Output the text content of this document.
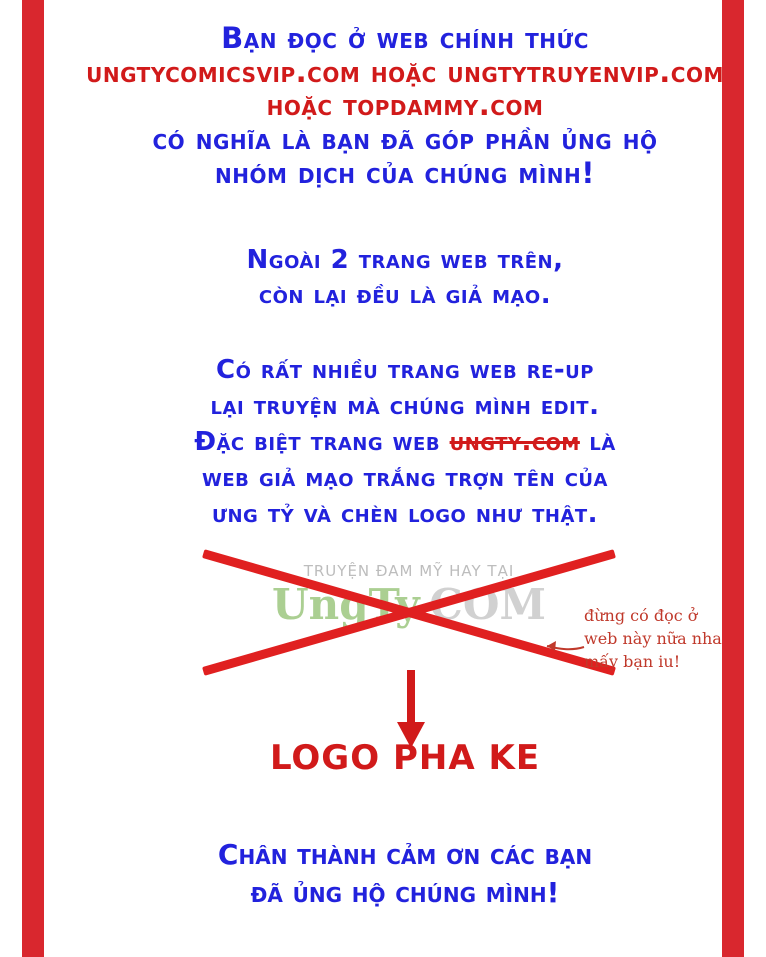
Bạn đọc ở web chính thức
ungtycomicsvip.com hoặc ungtytruyenvip.com
hoặc topdammy.com
có nghĩa là bạn đã góp phần ủng hộ
nhóm dịch của chúng mình!
Ngoài 2 trang web trên,
còn lại đều là giả mạo.
Có rất nhiều trang web re-up
lại truyện mà chúng mình edit.
Đặc biệt trang web ungty.com là
web giả mạo trắng trợn tên của
ưng tỷ và chèn logo như thật.
TRUYỆN ĐAM MỸ HAY TẠI
UngTy.COM	đừng có đọc ở
web này nữa nha
mấy bạn iu!
LOGO PHA KE
Chân thành cảm ơn các bạn
đã ủng hộ chúng mình!
